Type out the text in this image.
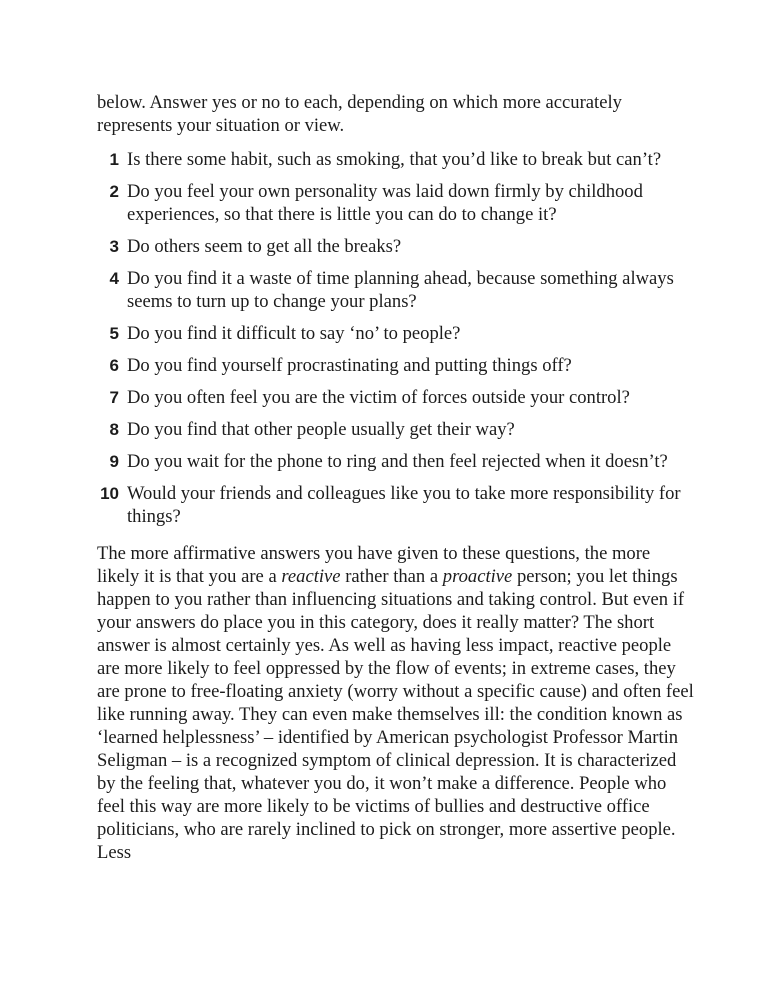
below. Answer yes or no to each, depending on which more accurately represents your situation or view.

1 Is there some habit, such as smoking, that you’d like to break but can’t?
2 Do you feel your own personality was laid down firmly by childhood experiences, so that there is little you can do to change it?
3 Do others seem to get all the breaks?
4 Do you find it a waste of time planning ahead, because something always seems to turn up to change your plans?
5 Do you find it difficult to say ‘no’ to people?
6 Do you find yourself procrastinating and putting things off?
7 Do you often feel you are the victim of forces outside your control?
8 Do you find that other people usually get their way?
9 Do you wait for the phone to ring and then feel rejected when it doesn’t?
10 Would your friends and colleagues like you to take more responsibility for things?

The more affirmative answers you have given to these questions, the more likely it is that you are a reactive rather than a proactive person; you let things happen to you rather than influencing situations and taking control. But even if your answers do place you in this category, does it really matter? The short answer is almost certainly yes. As well as having less impact, reactive people are more likely to feel oppressed by the flow of events; in extreme cases, they are prone to free-floating anxiety (worry without a specific cause) and often feel like running away. They can even make themselves ill: the condition known as ‘learned helplessness’ – identified by American psychologist Professor Martin Seligman – is a recognized symptom of clinical depression. It is characterized by the feeling that, whatever you do, it won’t make a difference. People who feel this way are more likely to be victims of bullies and destructive office politicians, who are rarely inclined to pick on stronger, more assertive people. Less
